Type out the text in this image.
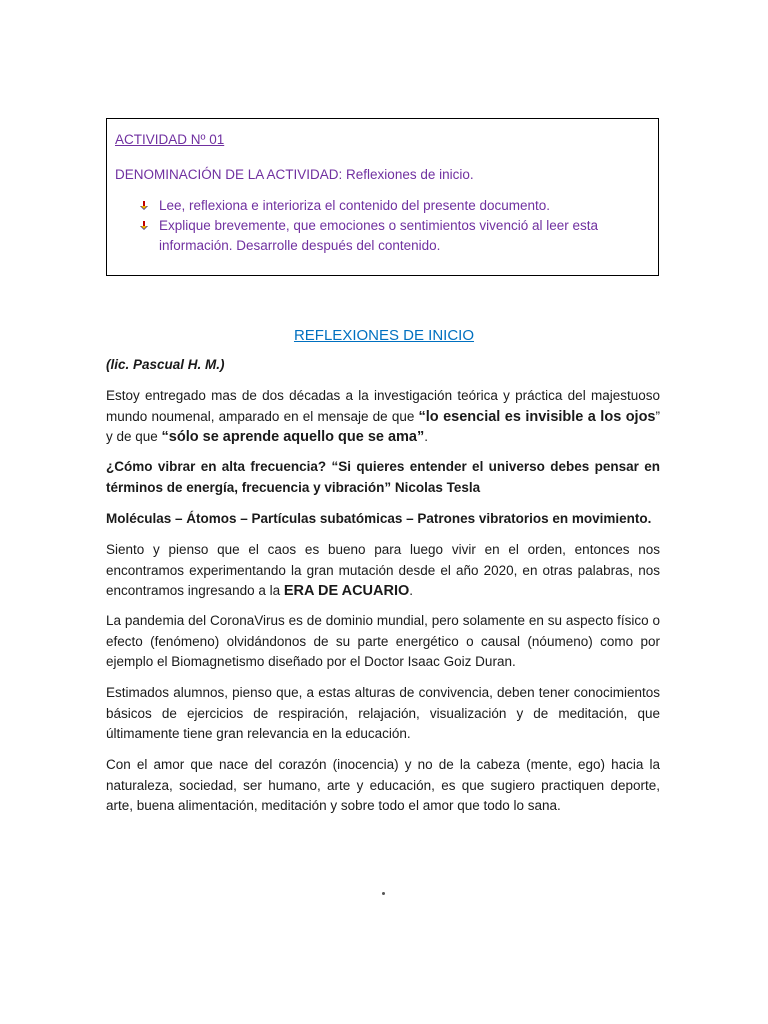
ACTIVIDAD Nº 01

DENOMINACIÓN DE LA ACTIVIDAD: Reflexiones de inicio.

Lee, reflexiona e interioriza el contenido del presente documento.
Explique brevemente, que emociones o sentimientos vivenció al leer esta información. Desarrolle después del contenido.
REFLEXIONES DE INICIO
(lic. Pascual H. M.)

Estoy entregado mas de dos décadas a la investigación teórica y práctica del majestuoso mundo noumenal, amparado en el mensaje de que “lo esencial es invisible a los ojos” y de que “sólo se aprende aquello que se ama”.

¿Cómo vibrar en alta frecuencia? “Si quieres entender el universo debes pensar en términos de energía, frecuencia y vibración” Nicolas Tesla

Moléculas – Átomos – Partículas subatómicas – Patrones vibratorios en movimiento.

Siento y pienso que el caos es bueno para luego vivir en el orden, entonces nos encontramos experimentando la gran mutación desde el año 2020, en otras palabras, nos encontramos ingresando a la ERA DE ACUARIO.

La pandemia del CoronaVirus es de dominio mundial, pero solamente en su aspecto físico o efecto (fenómeno) olvidándonos de su parte energético o causal (nóumeno) como por ejemplo el Biomagnetismo diseñado por el Doctor Isaac Goiz Duran.

Estimados alumnos, pienso que, a estas alturas de convivencia, deben tener conocimientos básicos de ejercicios de respiración, relajación, visualización y de meditación, que últimamente tiene gran relevancia en la educación.

Con el amor que nace del corazón (inocencia) y no de la cabeza (mente, ego) hacia la naturaleza, sociedad, ser humano, arte y educación, es que sugiero practiquen deporte, arte, buena alimentación, meditación y sobre todo el amor que todo lo sana.
